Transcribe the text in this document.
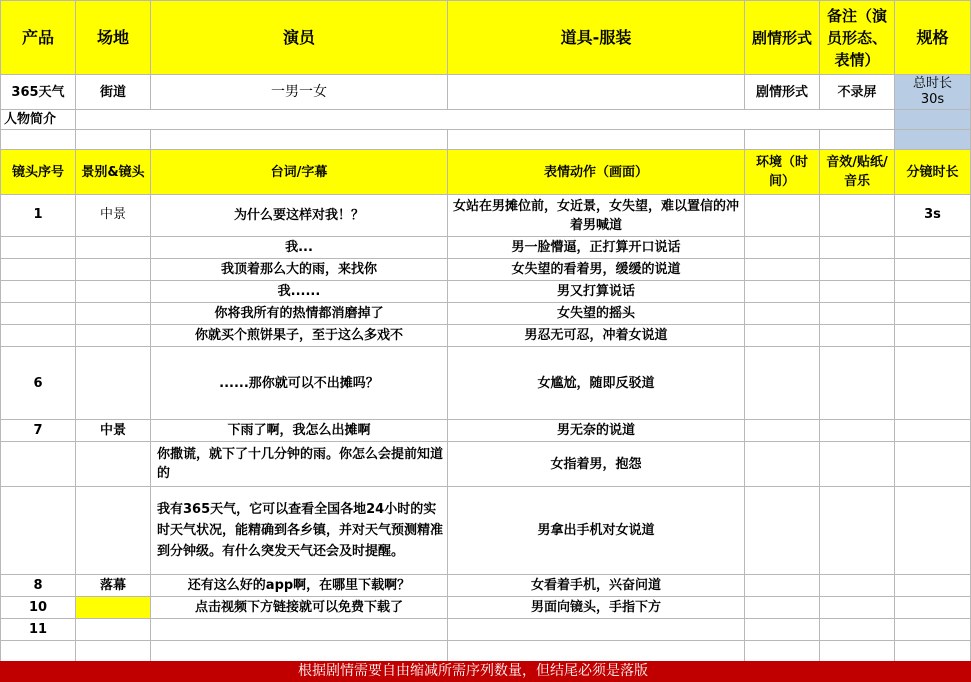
产品	场地	演员	道具-服装	剧情形式	备注（演员形态、表情）	规格
365天气	街道	一男一女		剧情形式	不录屏	总时长30s
人物简介						

镜头序号	景别&镜头	台词/字幕	表情动作（画面）	环境（时间）	音效/贴纸/音乐	分镜时长
1	中景	为什么要这样对我！？	女站在男摊位前，女近景，女失望，难以置信的冲着男喊道			3s
		我...	男一脸懵逼，正打算开口说话			
		我顶着那么大的雨，来找你	女失望的看着男，缓缓的说道			
		我......	男又打算说话			
		你将我所有的热情都消磨掉了	女失望的摇头			
		你就买个煎饼果子，至于这么多戏不	男忍无可忍，冲着女说道			
6		......那你就可以不出摊吗？	女尴尬，随即反驳道			
7	中景	下雨了啊，我怎么出摊啊	男无奈的说道			
		你撒谎，就下了十几分钟的雨。你怎么会提前知道的	女指着男，抱怨			
		我有365天气，它可以查看全国各地24小时的实时天气状况，能精确到各乡镇，并对天气预测精准到分钟级。有什么突发天气还会及时提醒。	男拿出手机对女说道			
8	落幕	还有这么好的app啊，在哪里下载啊？	女看着手机，兴奋问道			
10		点击视频下方链接就可以免费下载了	男面向镜头，手指下方			
11						

根据剧情需要自由缩减所需序列数量，但结尾必须是落版
